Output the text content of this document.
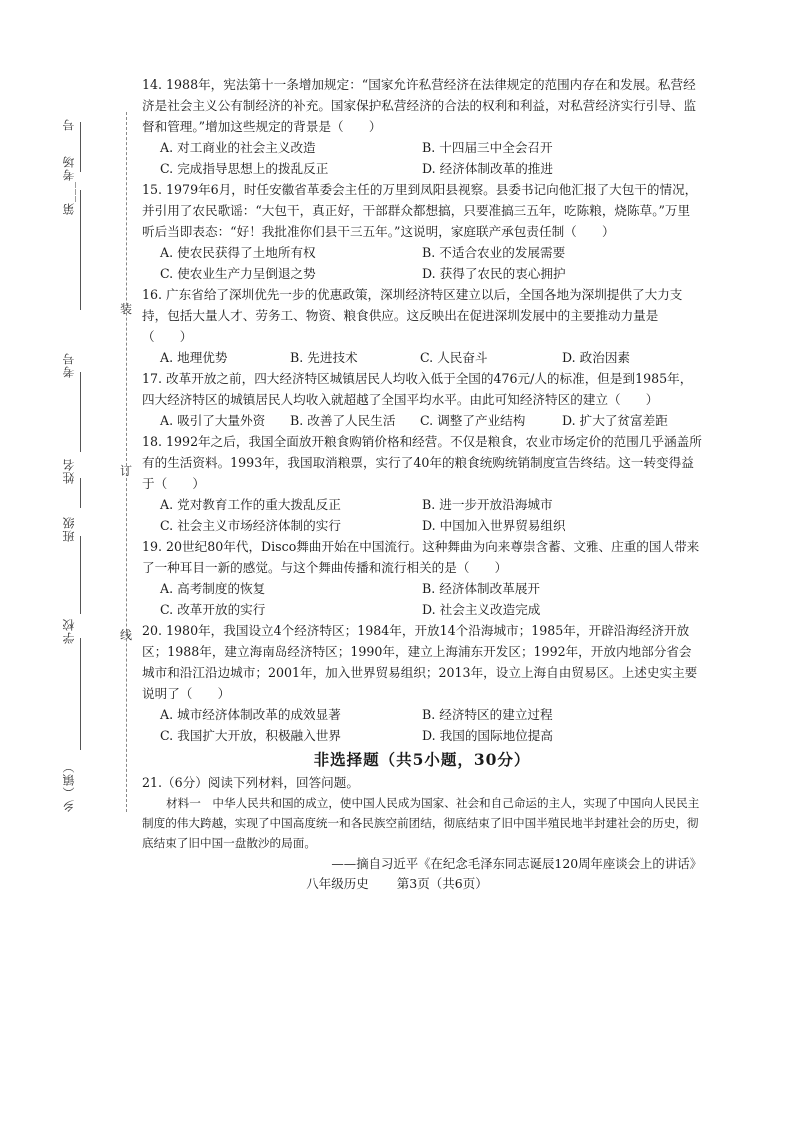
号
第___考场
考号
姓名
班级
学校
乡（镇）
装
订
线

14. 1988年，宪法第十一条增加规定：“国家允许私营经济在法律规定的范围内存在和发展。私营经济是社会主义公有制经济的补充。国家保护私营经济的合法的权利和利益，对私营经济实行引导、监督和管理。”增加这些规定的背景是（　　）

A. 对工商业的社会主义改造	B. 十四届三中全会召开
C. 完成指导思想上的拨乱反正	D. 经济体制改革的推进

15. 1979年6月，时任安徽省革委会主任的万里到凤阳县视察。县委书记向他汇报了大包干的情况，并引用了农民歌谣：“大包干，真正好，干部群众都想搞，只要准搞三五年，吃陈粮，烧陈草。”万里听后当即表态：“好！我批准你们县干三五年。”这说明，家庭联产承包责任制（　　）

A. 使农民获得了土地所有权	B. 不适合农业的发展需要
C. 使农业生产力呈倒退之势	D. 获得了农民的衷心拥护

16. 广东省给了深圳优先一步的优惠政策，深圳经济特区建立以后，全国各地为深圳提供了大力支持，包括大量人才、劳务工、物资、粮食供应。这反映出在促进深圳发展中的主要推动力量是（　　）

A. 地理优势	B. 先进技术	C. 人民奋斗	D. 政治因素

17. 改革开放之前，四大经济特区城镇居民人均收入低于全国的476元/人的标准，但是到1985年，四大经济特区的城镇居民人均收入就超越了全国平均水平。由此可知经济特区的建立（　　）

A. 吸引了大量外资	B. 改善了人民生活	C. 调整了产业结构	D. 扩大了贫富差距

18. 1992年之后，我国全面放开粮食购销价格和经营。不仅是粮食，农业市场定价的范围几乎涵盖所有的生活资料。1993年，我国取消粮票，实行了40年的粮食统购统销制度宣告终结。这一转变得益于（　　）

A. 党对教育工作的重大拨乱反正	B. 进一步开放沿海城市
C. 社会主义市场经济体制的实行	D. 中国加入世界贸易组织

19. 20世纪80年代，Disco舞曲开始在中国流行。这种舞曲为向来尊崇含蓄、文雅、庄重的国人带来了一种耳目一新的感觉。与这个舞曲传播和流行相关的是（　　）

A. 高考制度的恢复	B. 经济体制改革展开
C. 改革开放的实行	D. 社会主义改造完成

20. 1980年，我国设立4个经济特区；1984年，开放14个沿海城市；1985年，开辟沿海经济开放区；1988年，建立海南岛经济特区；1990年，建立上海浦东开发区；1992年，开放内地部分省会城市和沿江沿边城市；2001年，加入世界贸易组织；2013年，设立上海自由贸易区。上述史实主要说明了（　　）

A. 城市经济体制改革的成效显著	B. 经济特区的建立过程
C. 我国扩大开放，积极融入世界	D. 我国的国际地位提高
非选择题（共5小题，30分）

21.（6分）阅读下列材料，回答问题。

材料一　中华人民共和国的成立，使中国人民成为国家、社会和自己命运的主人，实现了中国向人民民主制度的伟大跨越，实现了中国高度统一和各民族空前团结，彻底结束了旧中国半殖民地半封建社会的历史，彻底结束了旧中国一盘散沙的局面。

——摘自习近平《在纪念毛泽东同志诞辰120周年座谈会上的讲话》

八年级历史 第3页（共6页）
